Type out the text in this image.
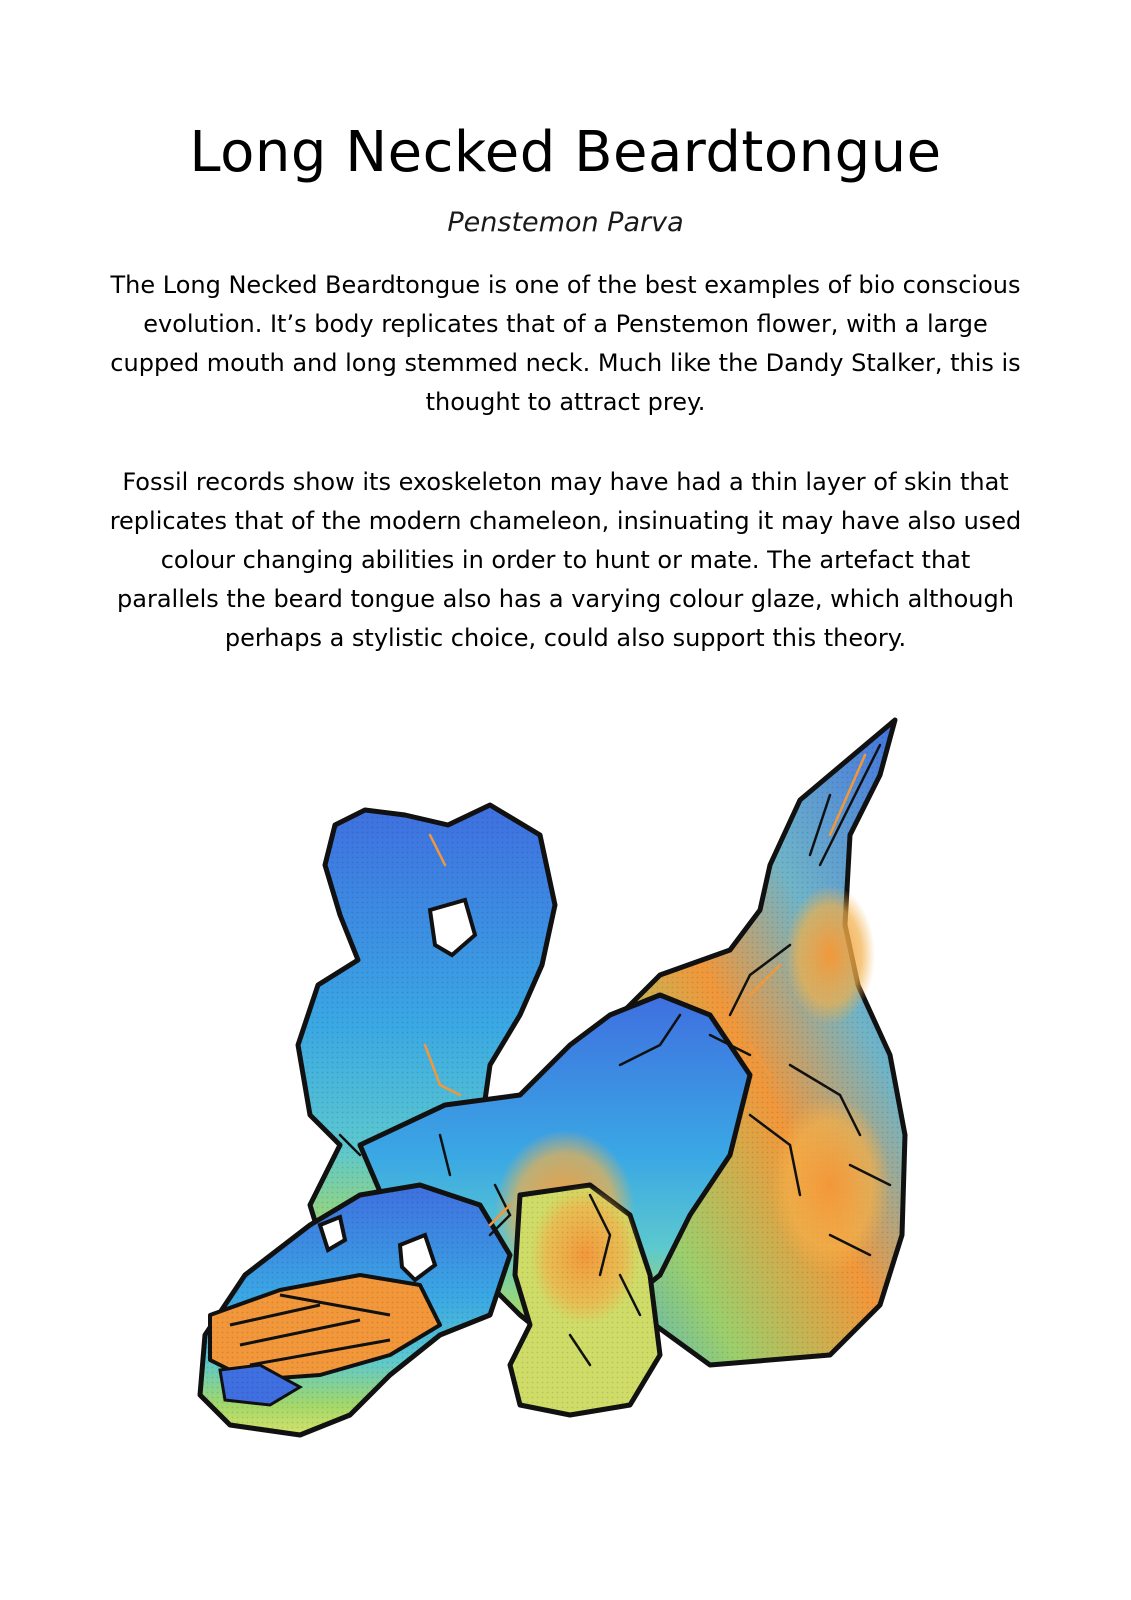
Long Necked Beardtongue

Penstemon Parva

The Long Necked Beardtongue is one of the best examples of bio conscious evolution. It’s body replicates that of a Penstemon flower, with a large cupped mouth and long stemmed neck. Much like the Dandy Stalker, this is thought to attract prey.

Fossil records show its exoskeleton may have had a thin layer of skin that replicates that of the modern chameleon, insinuating it may have also used colour changing abilities in order to hunt or mate. The artefact that parallels the beard tongue also has a varying colour glaze, which although perhaps a stylistic choice, could also support this theory.
